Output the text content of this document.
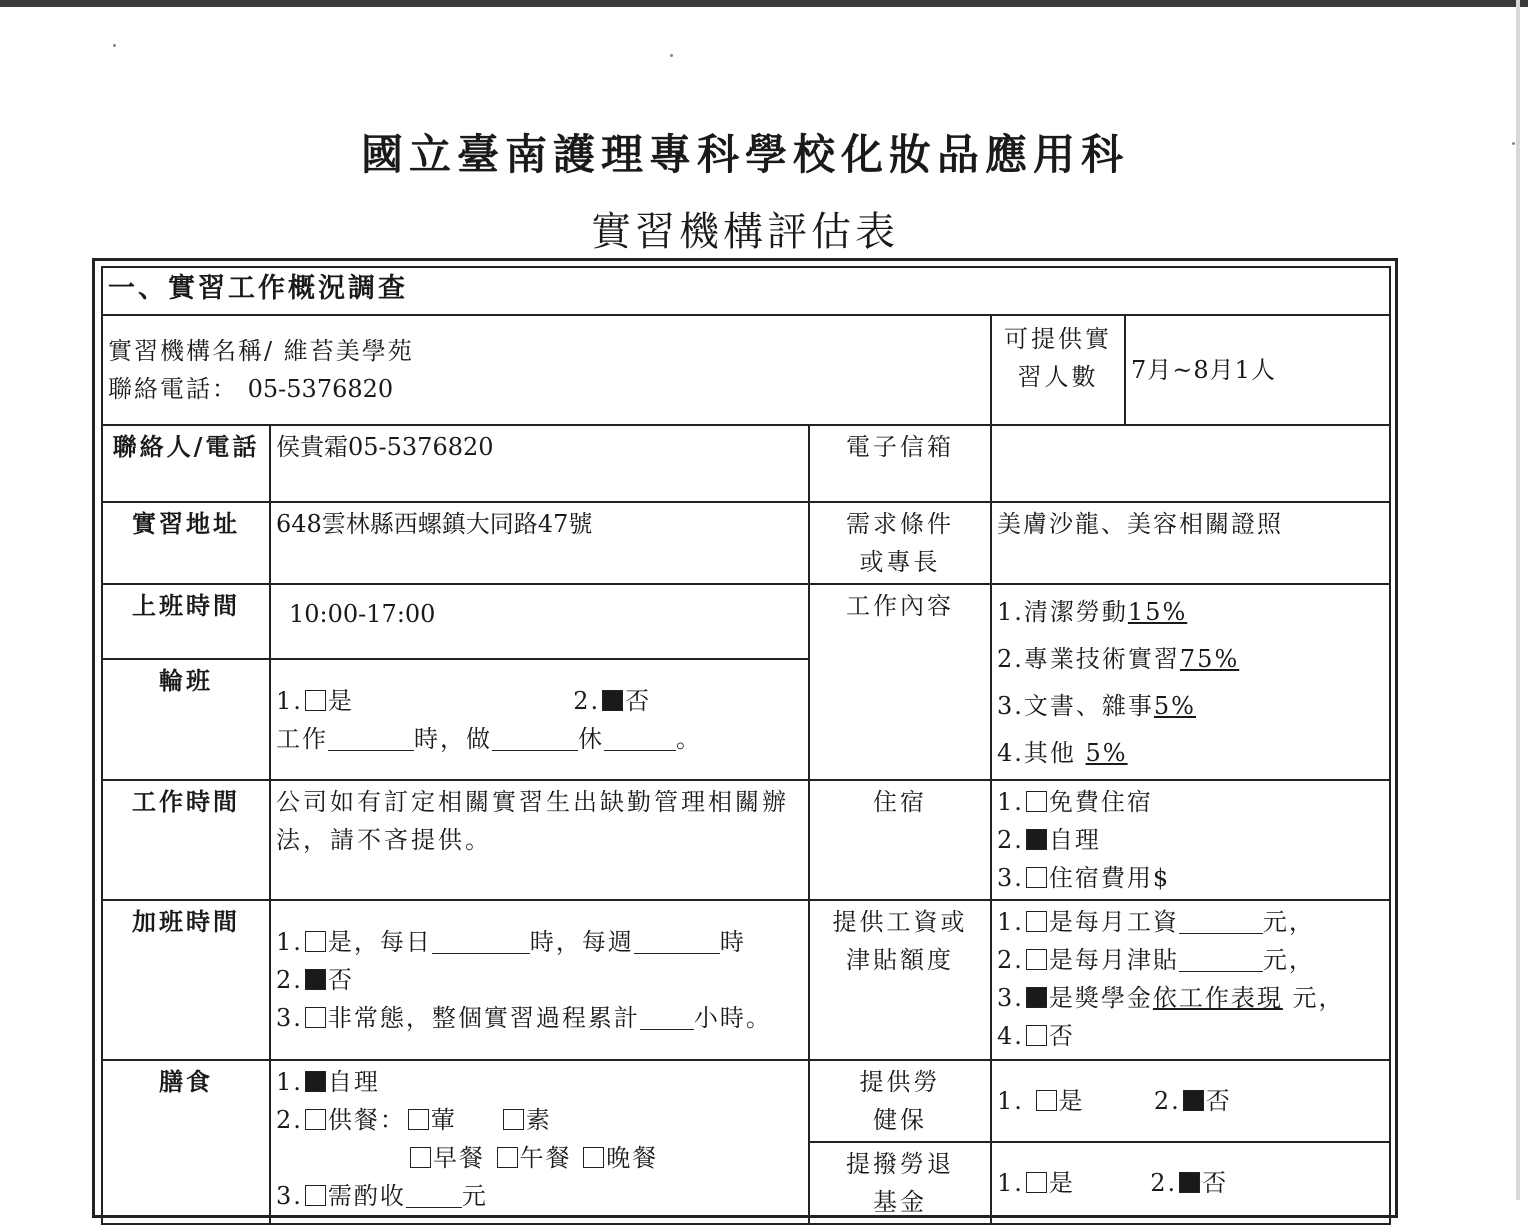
國立臺南護理專科學校化妝品應用科
實習機構評估表
一、實習工作概況調查				

實習機構名稱/ 維苔美學苑
聯絡電話： 05-5376820			可提供實習人數	7月~8月1人
聯絡人/電話	侯貴霜05-5376820	電子信箱		
實習地址	648雲林縣西螺鎮大同路47號	需求條件或專長	美膚沙龍、美容相關證照	
上班時間	10:00-17:00	工作內容	1.清潔勞動15%
2.專業技術實習75%
3.文書、雜事5%
4.其他 5%	

輪班	1. 是 2. 否
工作 時，做 休 。			

工作時間	公司如有訂定相關實習生出缺勤管理相關辦法，請不吝提供。	住宿	1. 免費住宿
2. 自理
3. 住宿費用$	

加班時間	1. 是，每日 時，每週 時
2. 否
3. 非常態，整個實習過程累計 小時。	提供工資或津貼額度	1. 是每月工資 元，
2. 是每月津貼 元，
3. 是獎學金依工作表現 元，
4. 否	

膳食	1. 自理
2. 供餐： 葷 素
早餐 午餐 晚餐
3. 需酌收 元	提供勞健保	1. 是 2. 否	
		提撥勞退基金	1. 是 2. 否	
